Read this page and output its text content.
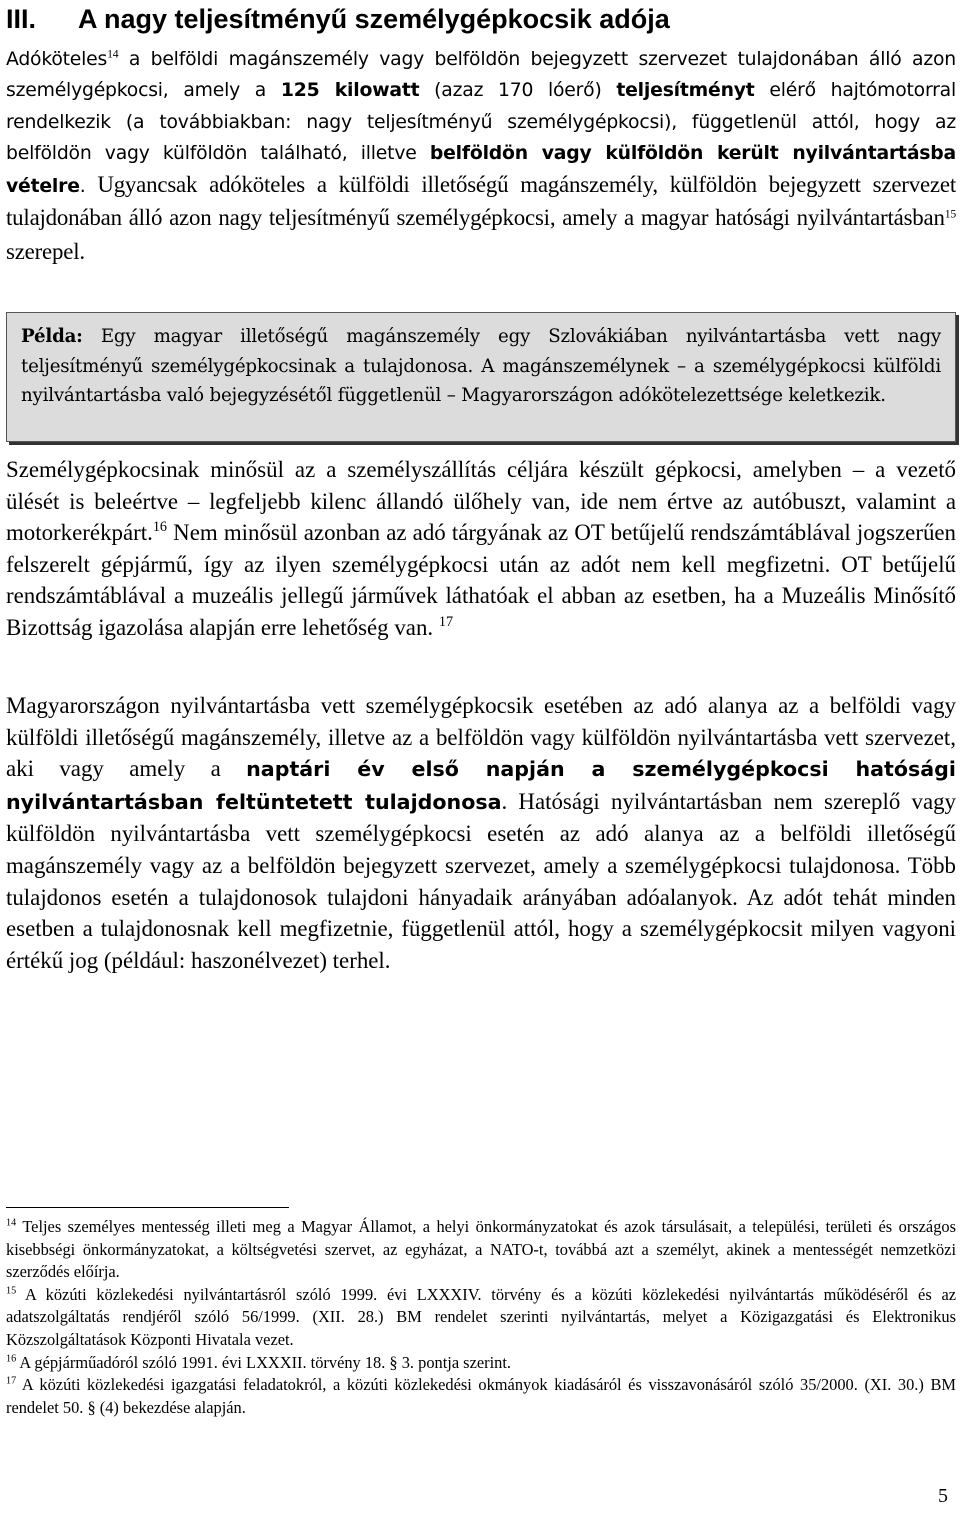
III. A nagy teljesítményű személygépkocsik adója
Adóköteles$^{14}$ a belföldi magánszemély vagy belföldön bejegyzett szervezet tulajdonában álló azon személygépkocsi, amely a 125 kilowatt (azaz 170 lóerő) teljesítményt elérő hajtómotorral rendelkezik (a továbbiakban: nagy teljesítményű személygépkocsi), függetlenül attól, hogy az belföldön vagy külföldön található, illetve belföldön vagy külföldön került nyilvántartásba vételre. Ugyancsak adóköteles a külföldi illetőségű magánszemély, külföldön bejegyzett szervezet tulajdonában álló azon nagy teljesítményű személygépkocsi, amely a magyar hatósági nyilvántartásban$^{15}$ szerepel.
Példa: Egy magyar illetőségű magánszemély egy Szlovákiában nyilvántartásba vett nagy teljesítményű személygépkocsinak a tulajdonosa. A magánszemélynek – a személygépkocsi külföldi nyilvántartásba való bejegyzésétől függetlenül – Magyarországon adókötelezettsége keletkezik.
Személygépkocsinak minősül az a személyszállítás céljára készült gépkocsi, amelyben – a vezető ülését is beleértve – legfeljebb kilenc állandó ülőhely van, ide nem értve az autóbuszt, valamint a motorkerékpárt.$^{16}$ Nem minősül azonban az adó tárgyának az OT betűjelű rendszámtáblával jogszerűen felszerelt gépjármű, így az ilyen személygépkocsi után az adót nem kell megfizetni. OT betűjelű rendszámtáblával a muzeális jellegű járművek láthatóak el abban az esetben, ha a Muzeális Minősítő Bizottság igazolása alapján erre lehetőség van. $^{17}$
Magyarországon nyilvántartásba vett személygépkocsik esetében az adó alanya az a belföldi vagy külföldi illetőségű magánszemély, illetve az a belföldön vagy külföldön nyilvántartásba vett szervezet, aki vagy amely a naptári év első napján a személygépkocsi hatósági nyilvántartásban feltüntetett tulajdonosa. Hatósági nyilvántartásban nem szereplő vagy külföldön nyilvántartásba vett személygépkocsi esetén az adó alanya az a belföldi illetőségű magánszemély vagy az a belföldön bejegyzett szervezet, amely a személygépkocsi tulajdonosa. Több tulajdonos esetén a tulajdonosok tulajdoni hányadaik arányában adóalanyok. Az adót tehát minden esetben a tulajdonosnak kell megfizetnie, függetlenül attól, hogy a személygépkocsit milyen vagyoni értékű jog (például: haszonélvezet) terhel.

$^{14}$ Teljes személyes mentesség illeti meg a Magyar Államot, a helyi önkormányzatokat és azok társulásait, a települési, területi és országos kisebbségi önkormányzatokat, a költségvetési szervet, az egyházat, a NATO-t, továbbá azt a személyt, akinek a mentességét nemzetközi szerződés előírja.

$^{15}$ A közúti közlekedési nyilvántartásról szóló 1999. évi LXXXIV. törvény és a közúti közlekedési nyilvántartás működéséről és az adatszolgáltatás rendjéről szóló 56/1999. (XII. 28.) BM rendelet szerinti nyilvántartás, melyet a Közigazgatási és Elektronikus Közszolgáltatások Központi Hivatala vezet.

$^{16}$ A gépjárműadóról szóló 1991. évi LXXXII. törvény 18. § 3. pontja szerint.

$^{17}$ A közúti közlekedési igazgatási feladatokról, a közúti közlekedési okmányok kiadásáról és visszavonásáról szóló 35/2000. (XI. 30.) BM rendelet 50. § (4) bekezdése alapján.

5
